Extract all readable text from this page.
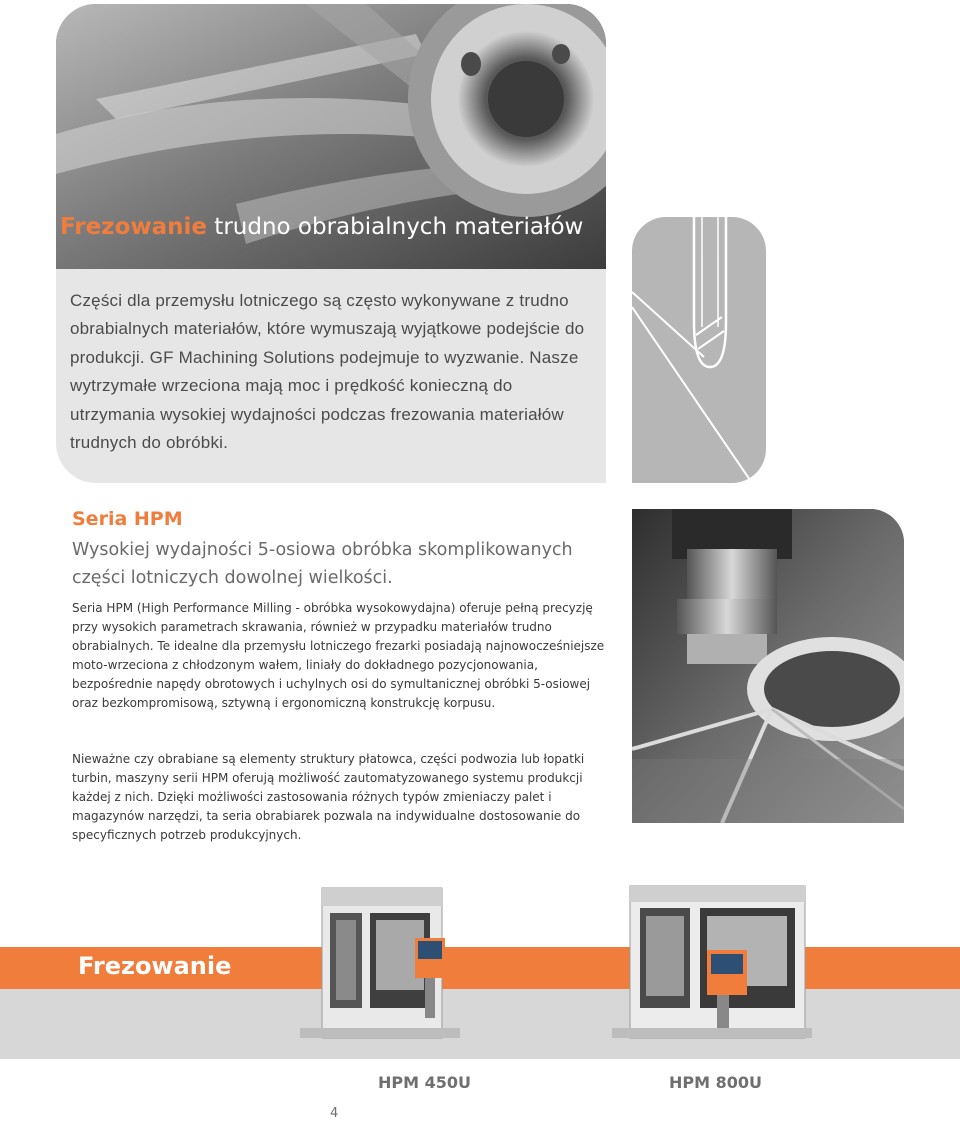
Frezowanie trudno obrabialnych materiałów

Części dla przemysłu lotniczego są często wykonywane z trudno obrabialnych materiałów, które wymuszają wyjątkowe podejście do produkcji. GF Machining Solutions podejmuje to wyzwanie. Nasze wytrzymałe wrzeciona mają moc i prędkość konieczną do utrzymania wysokiej wydajności podczas frezowania materiałów trudnych do obróbki.

Seria HPM
Wysokiej wydajności 5-osiowa obróbka skomplikowanych części lotniczych dowolnej wielkości.

Seria HPM (High Performance Milling - obróbka wysokowydajna) oferuje pełną precyzję przy wysokich parametrach skrawania, również w przypadku materiałów trudno obrabialnych. Te idealne dla przemysłu lotniczego frezarki posiadają najnowocześniejsze moto-wrzeciona z chłodzonym wałem, liniały do dokładnego pozycjonowania, bezpośrednie napędy obrotowych i uchylnych osi do symultanicznej obróbki 5-osiowej oraz bezkompromisową, sztywną i ergonomiczną konstrukcję korpusu.

Nieważne czy obrabiane są elementy struktury płatowca, części podwozia lub łopatki turbin, maszyny serii HPM oferują możliwość zautomatyzowanego systemu produkcji każdej z nich. Dzięki możliwości zastosowania różnych typów zmieniaczy palet i magazynów narzędzi, ta seria obrabiarek pozwala na indywidualne dostosowanie do specyficznych potrzeb produkcyjnych.

Frezowanie

HPM 450U	HPM 800U

4
